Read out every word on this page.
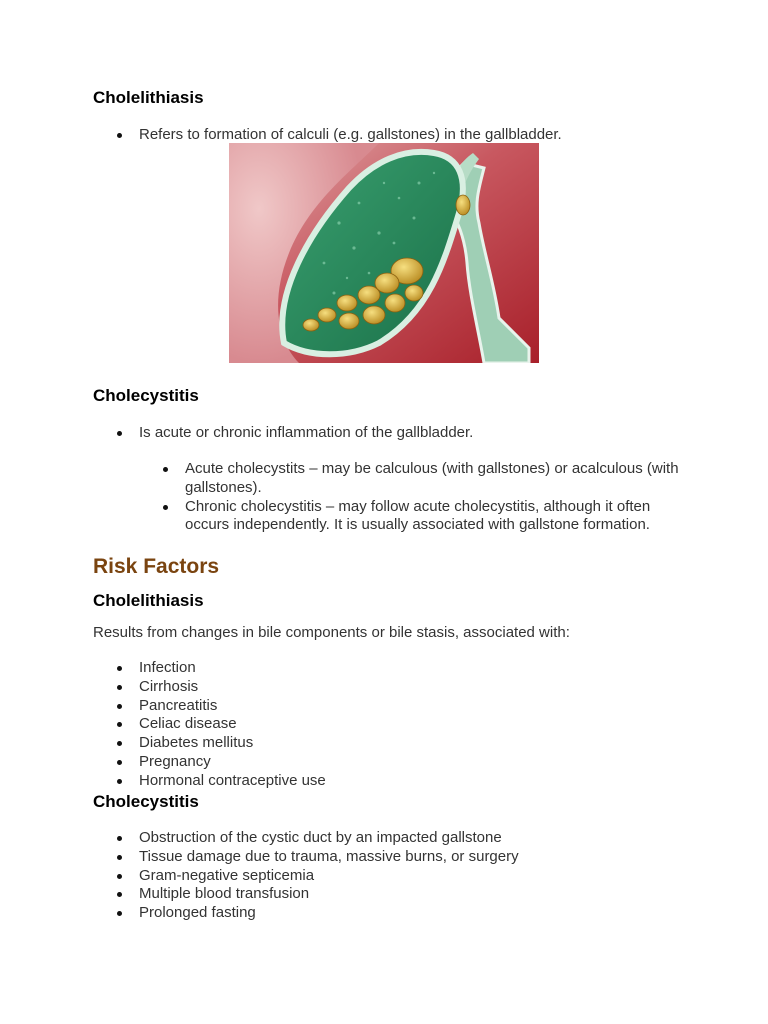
Cholelithiasis
Refers to formation of calculi (e.g. gallstones) in the gallbladder.
Cholecystitis
Is acute or chronic inflammation of the gallbladder.
Acute cholecystits – may be calculous (with gallstones) or acalculous (with gallstones).
Chronic cholecystitis – may follow acute cholecystitis, although it often occurs independently. It is usually associated with gallstone formation.
Risk Factors
Cholelithiasis

Results from changes in bile components or bile stasis, associated with:

Infection
Cirrhosis
Pancreatitis
Celiac disease
Diabetes mellitus
Pregnancy
Hormonal contraceptive use
Cholecystitis
Obstruction of the cystic duct by an impacted gallstone
Tissue damage due to trauma, massive burns, or surgery
Gram-negative septicemia
Multiple blood transfusion
Prolonged fasting
